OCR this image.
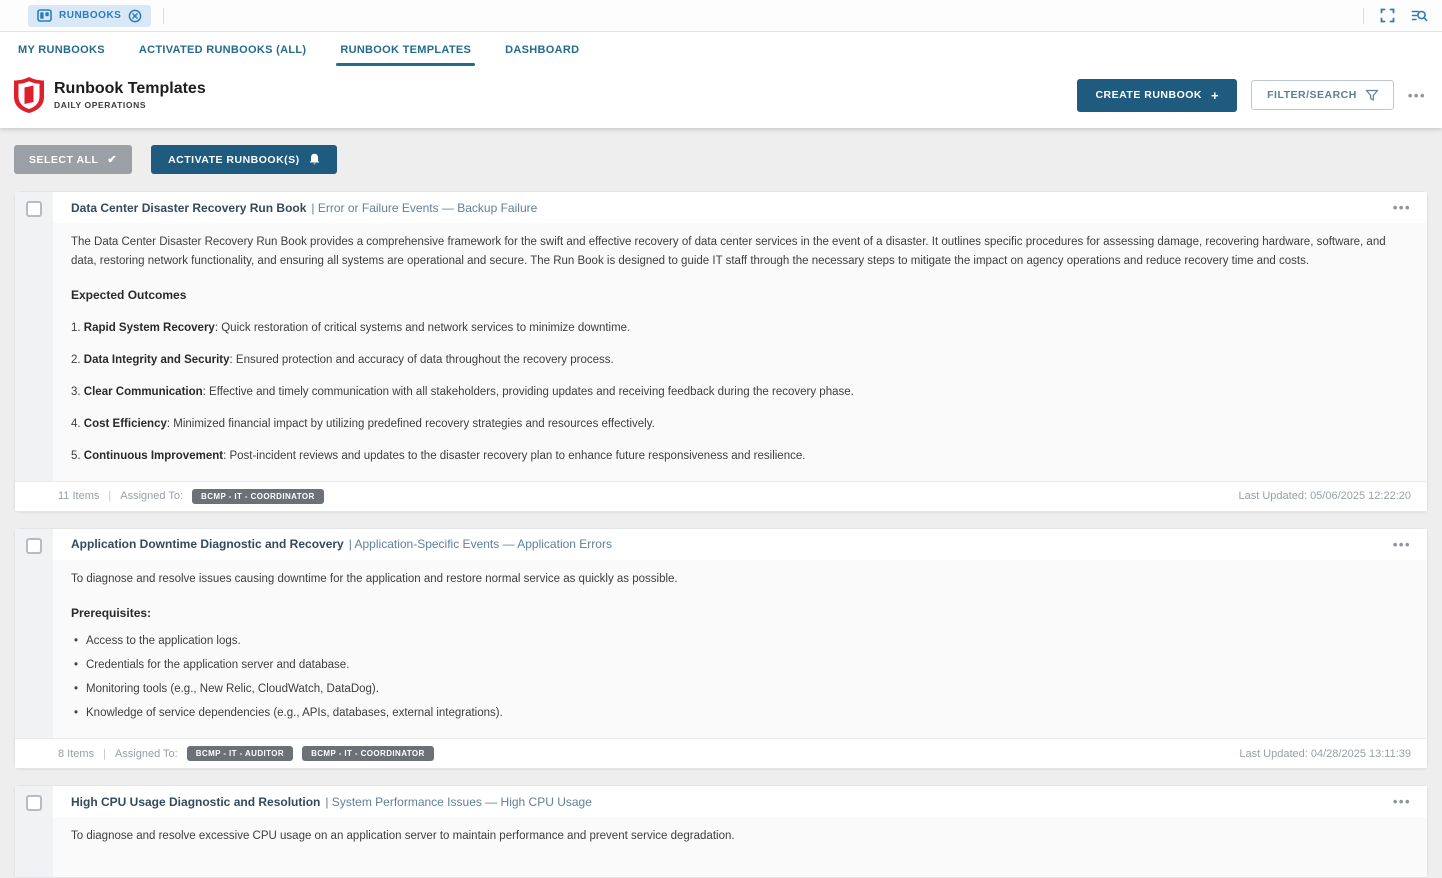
RUNBOOKS
MY RUNBOOKS	ACTIVATED RUNBOOKS (ALL)	RUNBOOK TEMPLATES	DASHBOARD
Runbook Templates
DAILY OPERATIONS
CREATE RUNBOOK +	FILTER/SEARCH	•••
SELECT ALL ✔	ACTIVATE RUNBOOK(S)
Data Center Disaster Recovery Run Book | Error or Failure Events — Backup Failure	•••
The Data Center Disaster Recovery Run Book provides a comprehensive framework for the swift and effective recovery of data center services in the event of a disaster. It outlines specific procedures for assessing damage, recovering hardware, software, and data, restoring network functionality, and ensuring all systems are operational and secure. The Run Book is designed to guide IT staff through the necessary steps to mitigate the impact on agency operations and reduce recovery time and costs.
Expected Outcomes
1. Rapid System Recovery: Quick restoration of critical systems and network services to minimize downtime.
2. Data Integrity and Security: Ensured protection and accuracy of data throughout the recovery process.
3. Clear Communication: Effective and timely communication with all stakeholders, providing updates and receiving feedback during the recovery phase.
4. Cost Efficiency: Minimized financial impact by utilizing predefined recovery strategies and resources effectively.
5. Continuous Improvement: Post-incident reviews and updates to the disaster recovery plan to enhance future responsiveness and resilience.
11 Items | Assigned To:	BCMP - IT - COORDINATOR	Last Updated: 05/06/2025 12:22:20
Application Downtime Diagnostic and Recovery | Application-Specific Events — Application Errors	•••
To diagnose and resolve issues causing downtime for the application and restore normal service as quickly as possible.
Prerequisites:
• Access to the application logs.
• Credentials for the application server and database.
• Monitoring tools (e.g., New Relic, CloudWatch, DataDog).
• Knowledge of service dependencies (e.g., APIs, databases, external integrations).
8 Items | Assigned To:	BCMP - IT - AUDITOR	BCMP - IT - COORDINATOR	Last Updated: 04/28/2025 13:11:39
High CPU Usage Diagnostic and Resolution | System Performance Issues — High CPU Usage	•••
To diagnose and resolve excessive CPU usage on an application server to maintain performance and prevent service degradation.
